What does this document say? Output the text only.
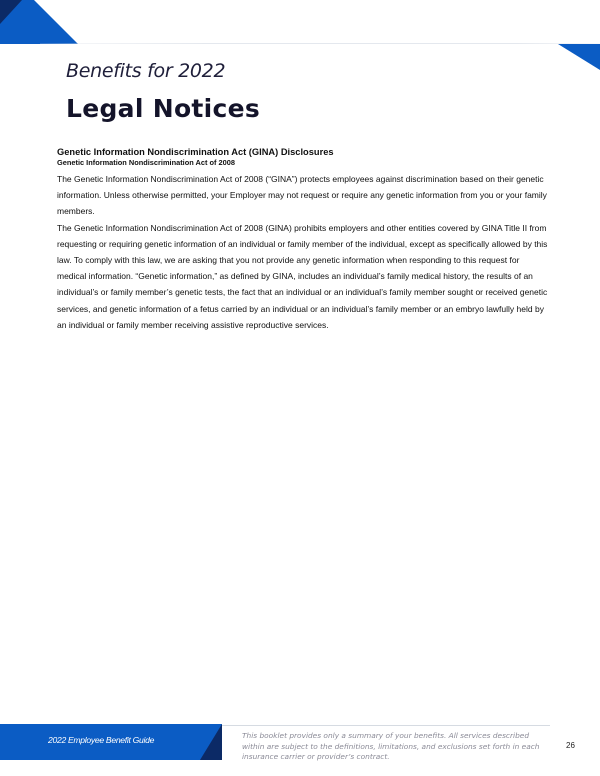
Benefits for 2022
Legal Notices

Genetic Information Nondiscrimination Act (GINA) Disclosures

Genetic Information Nondiscrimination Act of 2008

The Genetic Information Nondiscrimination Act of 2008 (“GINA”) protects employees against discrimination based on their genetic information. Unless otherwise permitted, your Employer may not request or require any genetic information from you or your family members.

The Genetic Information Nondiscrimination Act of 2008 (GINA) prohibits employers and other entities covered by GINA Title II from requesting or requiring genetic information of an individual or family member of the individual, except as specifically allowed by this law. To comply with this law, we are asking that you not provide any genetic information when responding to this request for medical information. “Genetic information,” as defined by GINA, includes an individual’s family medical history, the results of an individual’s or family member’s genetic tests, the fact that an individual or an individual’s family member sought or received genetic services, and genetic information of a fetus carried by an individual or an individual’s family member or an embryo lawfully held by an individual or family member receiving assistive reproductive services.

2022 Employee Benefit Guide	This booklet provides only a summary of your benefits. All services described within are subject to the definitions, limitations, and exclusions set forth in each insurance carrier or provider’s contract.
26
